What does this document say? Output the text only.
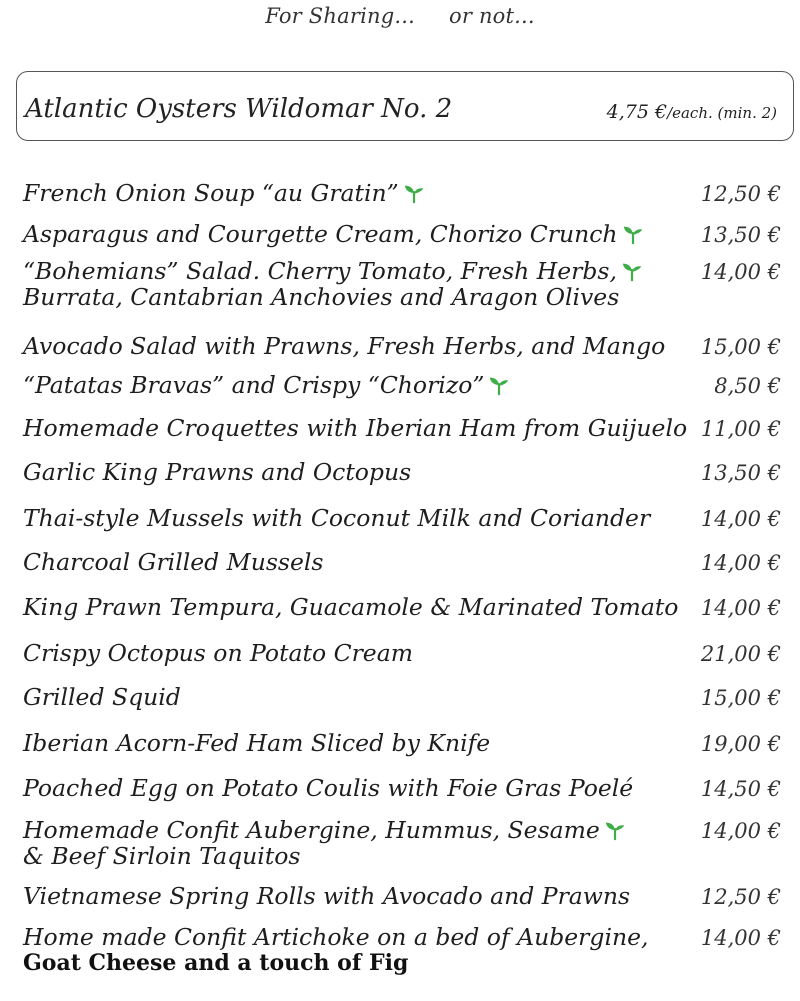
For Sharing... or not...
Atlantic Oysters Wildomar No. 2	4,75 €/each. (min. 2)
French Onion Soup “au Gratin”	12,50 €
Asparagus and Courgette Cream, Chorizo Crunch	13,50 €
“Bohemians” Salad. Cherry Tomato, Fresh Herbs,
Burrata, Cantabrian Anchovies and Aragon Olives
14,00 €
Avocado Salad with Prawns, Fresh Herbs, and Mango 15,00 €
“Patatas Bravas” and Crispy “Chorizo”	8,50 €
Homemade Croquettes with Iberian Ham from Guijuelo 11,00 €
Garlic King Prawns and Octopus	13,50 €
Thai-style Mussels with Coconut Milk and Coriander 14,00 €
Charcoal Grilled Mussels	14,00 €
King Prawn Tempura, Guacamole & Marinated Tomato 14,00 €
Crispy Octopus on Potato Cream	21,00 €
Grilled Squid	15,00 €
Iberian Acorn-Fed Ham Sliced by Knife	19,00 €
Poached Egg on Potato Coulis with Foie Gras Poelé	14,50 €
Homemade Confit Aubergine, Hummus, Sesame
& Beef Sirloin Taquitos
14,00 €
Vietnamese Spring Rolls with Avocado and Prawns	12,50 €
Home made Confit Artichoke on a bed of Aubergine,
Goat Cheese and a touch of Fig
14,00 €
